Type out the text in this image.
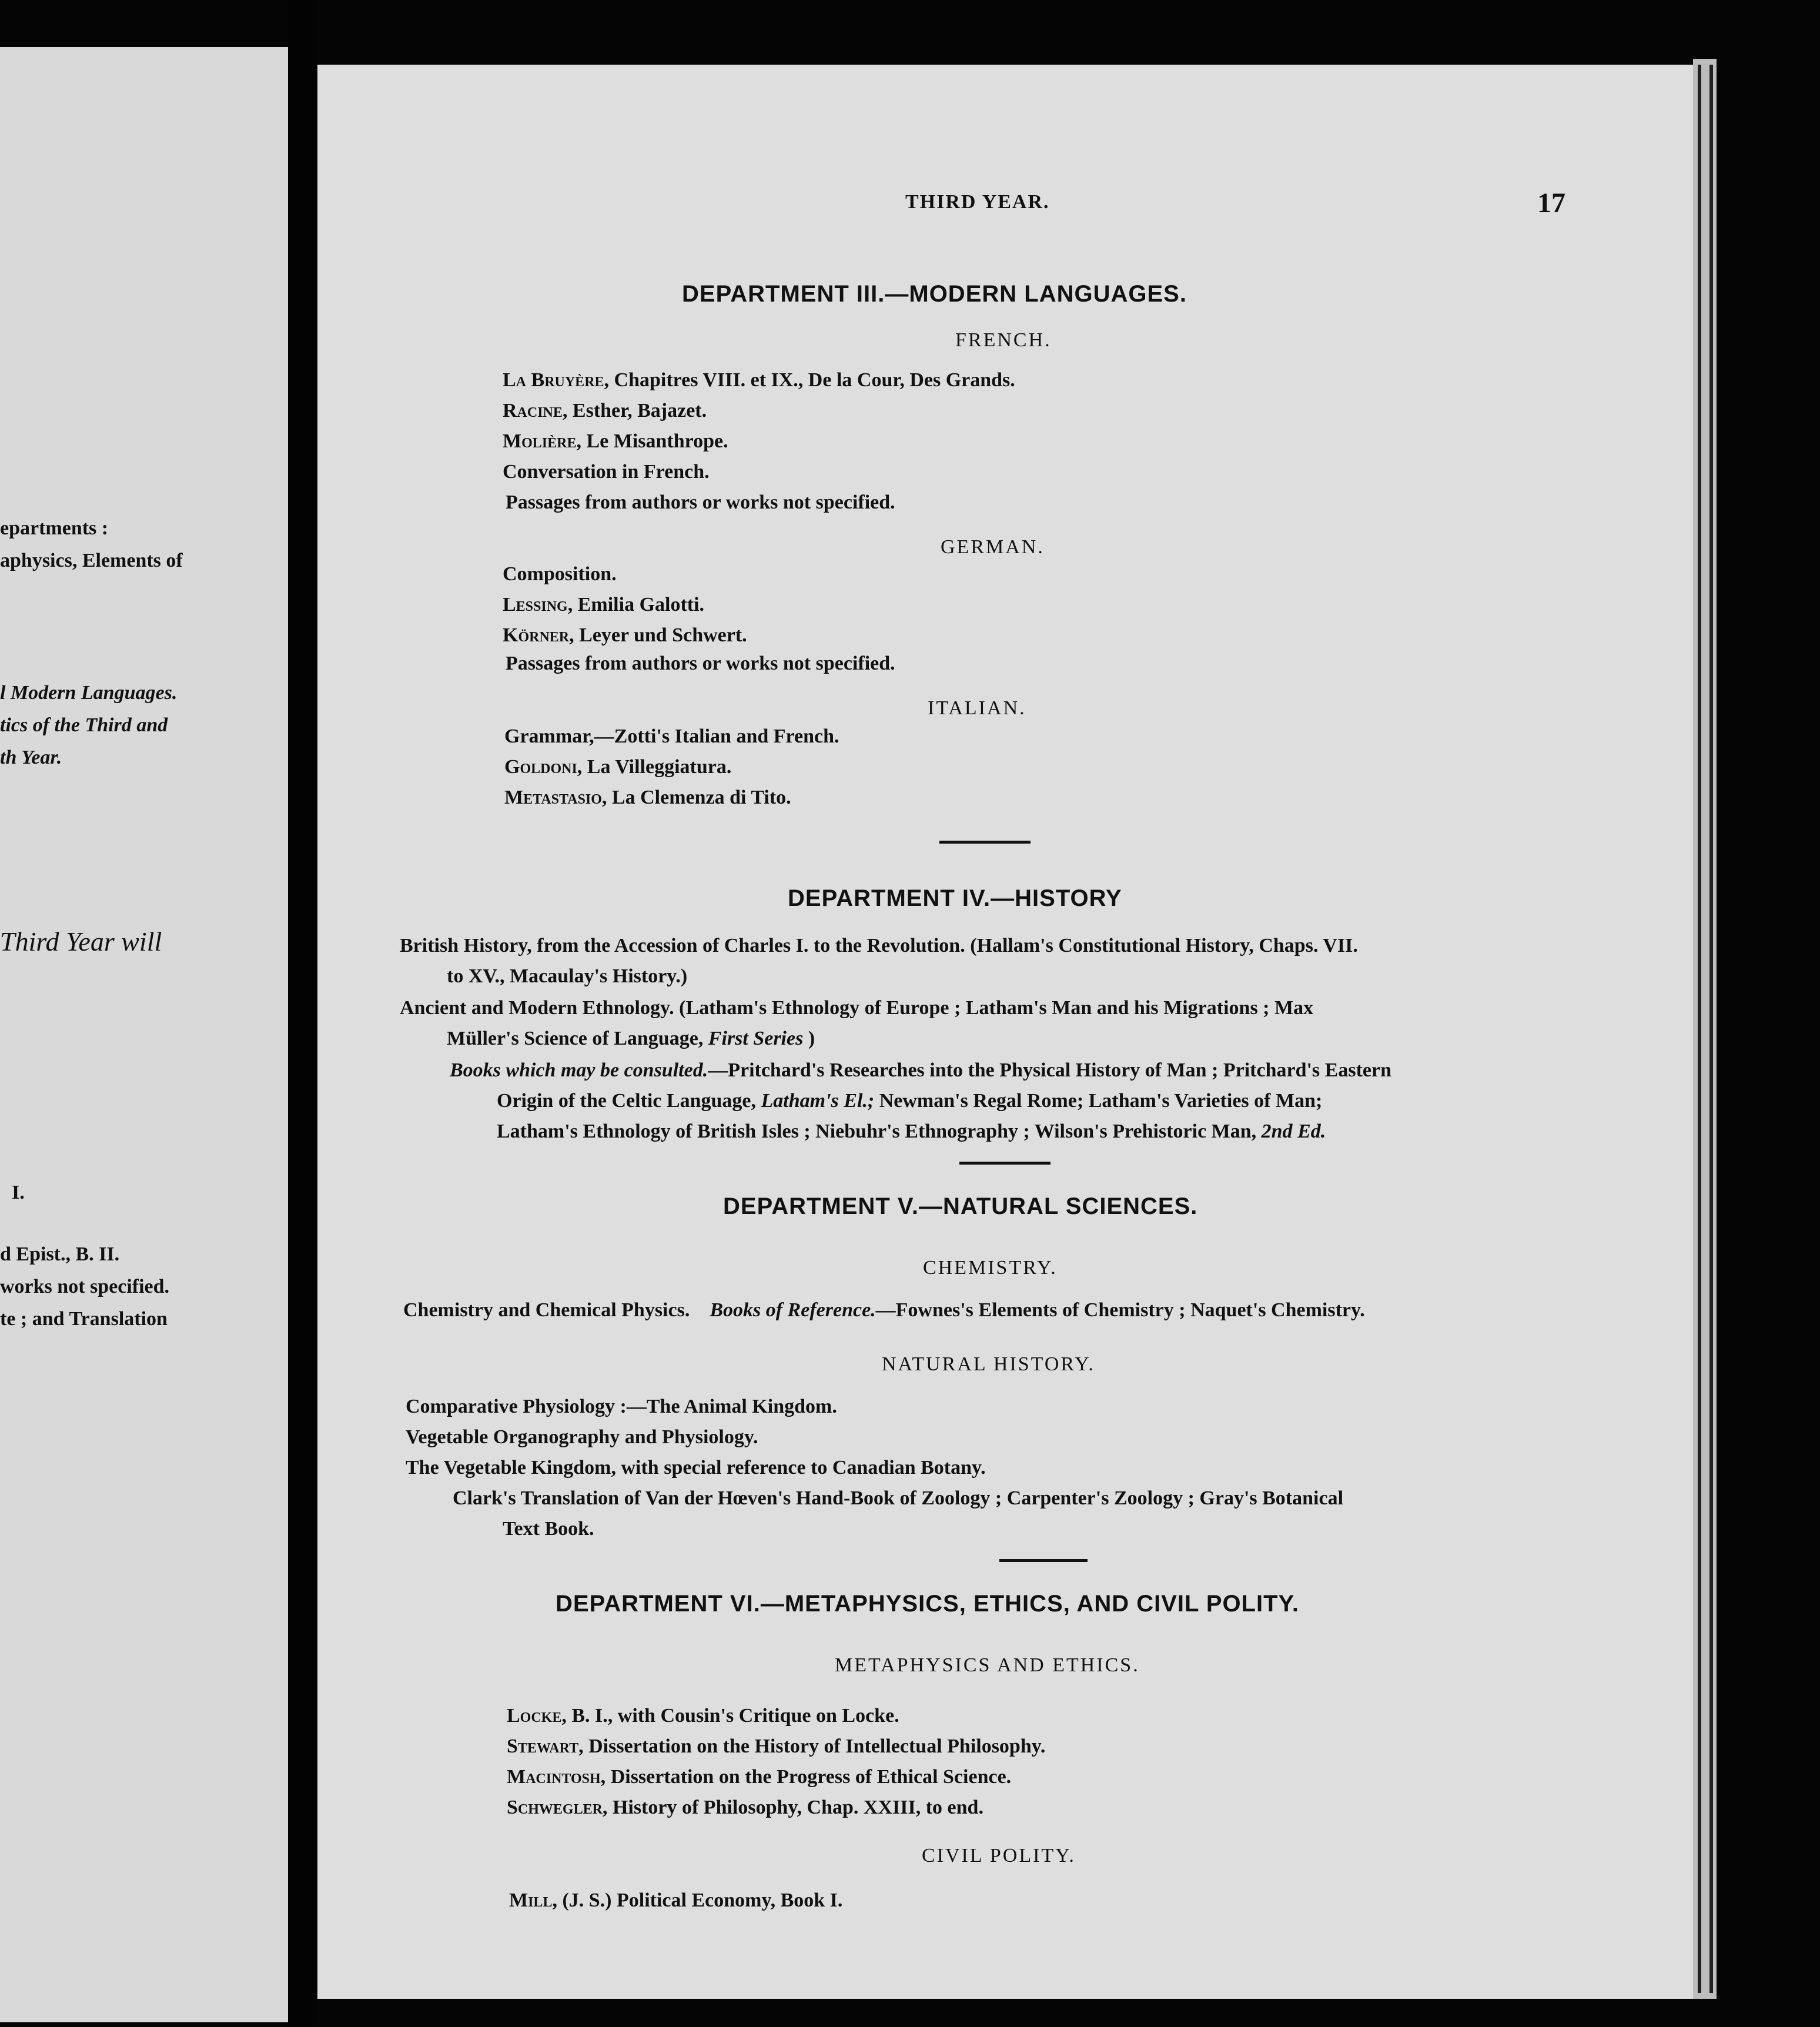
epartments :
aphysics, Elements of
l Modern Languages.
tics of the Third and
th Year.
Third Year will
I.
d Epist., B. II.
works not specified.
te ; and Translation
THIRD YEAR.	17
DEPARTMENT III.—MODERN LANGUAGES.
FRENCH.
La Bruyère, Chapitres VIII. et IX., De la Cour, Des Grands.
Racine, Esther, Bajazet.
Molière, Le Misanthrope.
Conversation in French.
Passages from authors or works not specified.
GERMAN.
Composition.
Lessing, Emilia Galotti.
Körner, Leyer und Schwert.
Passages from authors or works not specified.
ITALIAN.
Grammar,—Zotti's Italian and French.
Goldoni, La Villeggiatura.
Metastasio, La Clemenza di Tito.
DEPARTMENT IV.—HISTORY
British History, from the Accession of Charles I. to the Revolution. (Hallam's Constitutional History, Chaps. VII.
to XV., Macaulay's History.)
Ancient and Modern Ethnology. (Latham's Ethnology of Europe ; Latham's Man and his Migrations ; Max
Müller's Science of Language, First Series )
Books which may be consulted.—Pritchard's Researches into the Physical History of Man ; Pritchard's Eastern
Origin of the Celtic Language, Latham's El.; Newman's Regal Rome; Latham's Varieties of Man;
Latham's Ethnology of British Isles ; Niebuhr's Ethnography ; Wilson's Prehistoric Man, 2nd Ed.
DEPARTMENT V.—NATURAL SCIENCES.
CHEMISTRY.
Chemistry and Chemical Physics. Books of Reference.—Fownes's Elements of Chemistry ; Naquet's Chemistry.
NATURAL HISTORY.
Comparative Physiology :—The Animal Kingdom.
Vegetable Organography and Physiology.
The Vegetable Kingdom, with special reference to Canadian Botany.
Clark's Translation of Van der Hœven's Hand-Book of Zoology ; Carpenter's Zoology ; Gray's Botanical
Text Book.
DEPARTMENT VI.—METAPHYSICS, ETHICS, AND CIVIL POLITY.
METAPHYSICS AND ETHICS.
Locke, B. I., with Cousin's Critique on Locke.
Stewart, Dissertation on the History of Intellectual Philosophy.
Macintosh, Dissertation on the Progress of Ethical Science.
Schwegler, History of Philosophy, Chap. XXIII, to end.
CIVIL POLITY.
Mill, (J. S.) Political Economy, Book I.
